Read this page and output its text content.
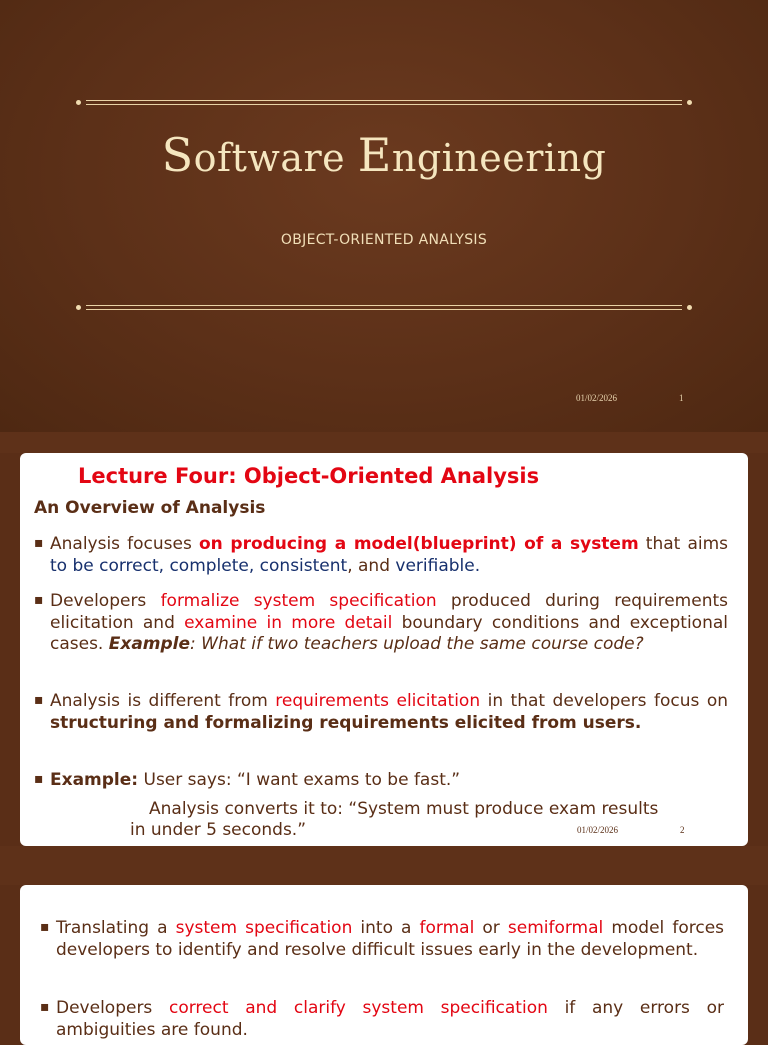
Software Engineering
OBJECT-ORIENTED ANALYSIS
01/02/2026	1
Lecture Four: Object-Oriented Analysis
An Overview of Analysis
▪ Analysis focuses on producing a model(blueprint) of a system that aims to be correct, complete, consistent, and verifiable.
▪ Developers formalize system specification produced during requirements elicitation and examine in more detail boundary conditions and exceptional cases. Example: What if two teachers upload the same course code?
▪ Analysis is different from requirements elicitation in that developers focus on structuring and formalizing requirements elicited from users.
▪ Example: User says: “I want exams to be fast.”
Analysis converts it to: “System must produce exam results
in under 5 seconds.”	01/02/2026	2
▪ Translating a system specification into a formal or semiformal model forces developers to identify and resolve difficult issues early in the development.
▪ Developers correct and clarify system specification if any errors or ambiguities are found.
